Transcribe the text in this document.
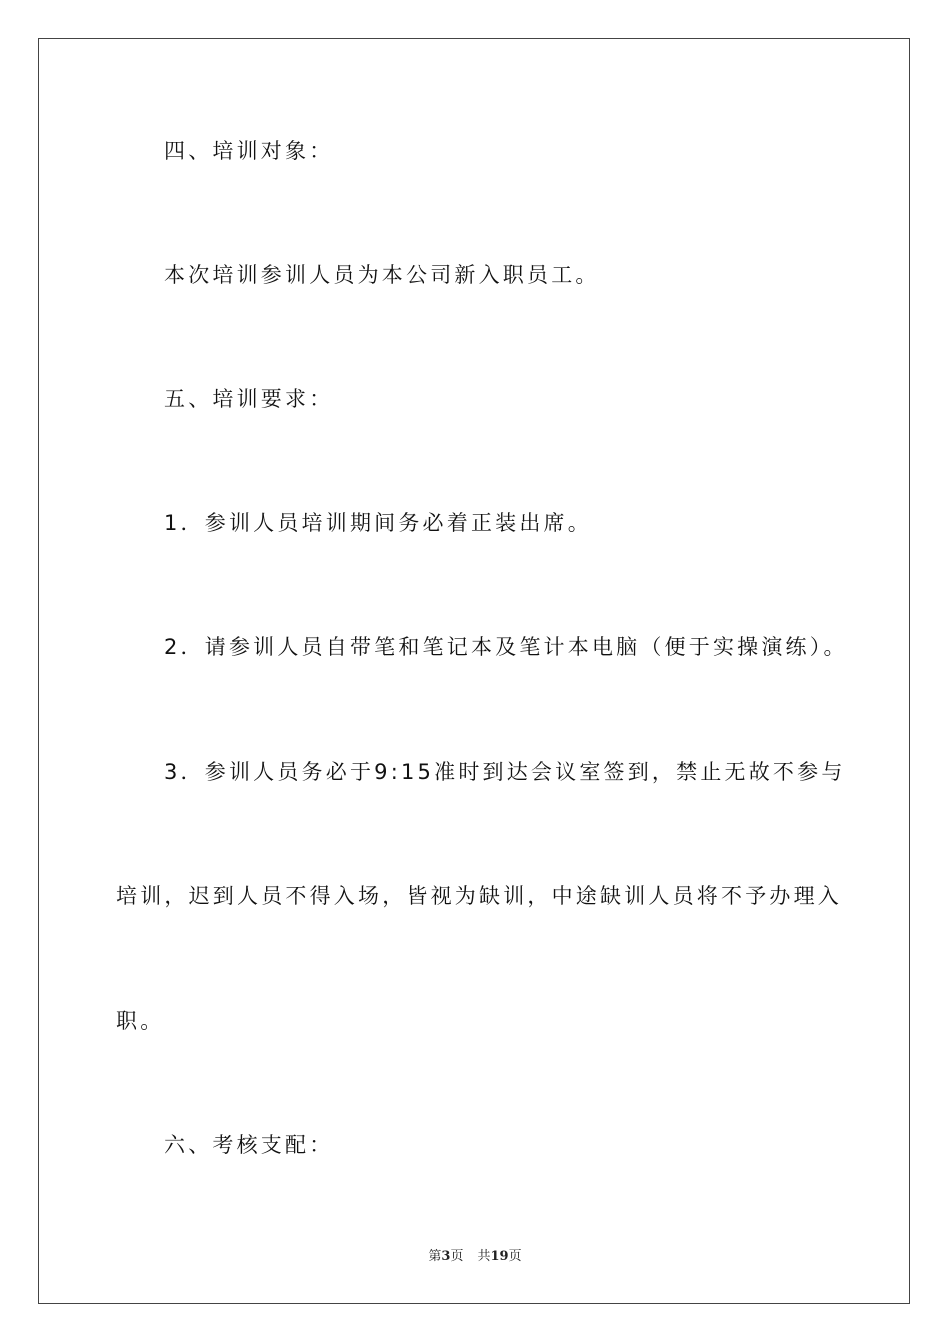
四、培训对象：
本次培训参训人员为本公司新入职员工。
五、培训要求：
1．参训人员培训期间务必着正装出席。
2．请参训人员自带笔和笔记本及笔计本电脑（便于实操演练）。
3．参训人员务必于9:15准时到达会议室签到，禁止无故不参与
培训，迟到人员不得入场，皆视为缺训，中途缺训人员将不予办理入
职。
六、考核支配：
第3页 共19页
